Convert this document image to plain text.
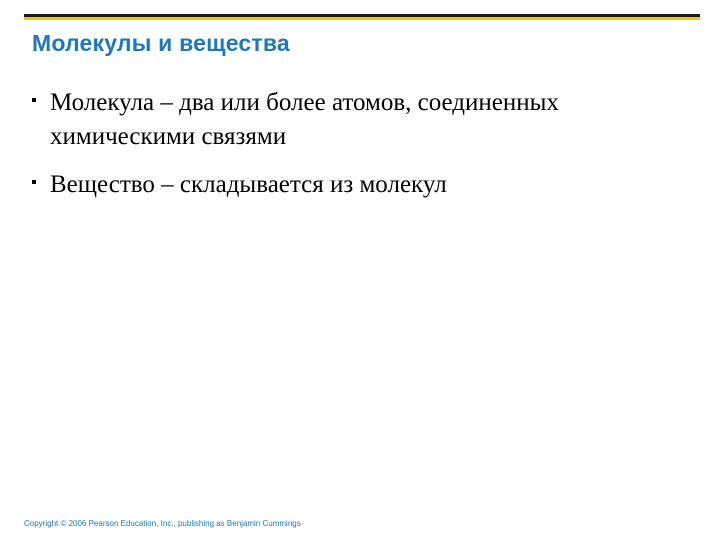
Молекулы и вещества
Молекула – два или более атомов, соединенных химическими связями
Вещество – складывается из молекул

Copyright © 2006 Pearson Education, Inc., publishing as Benjamin Cummings
